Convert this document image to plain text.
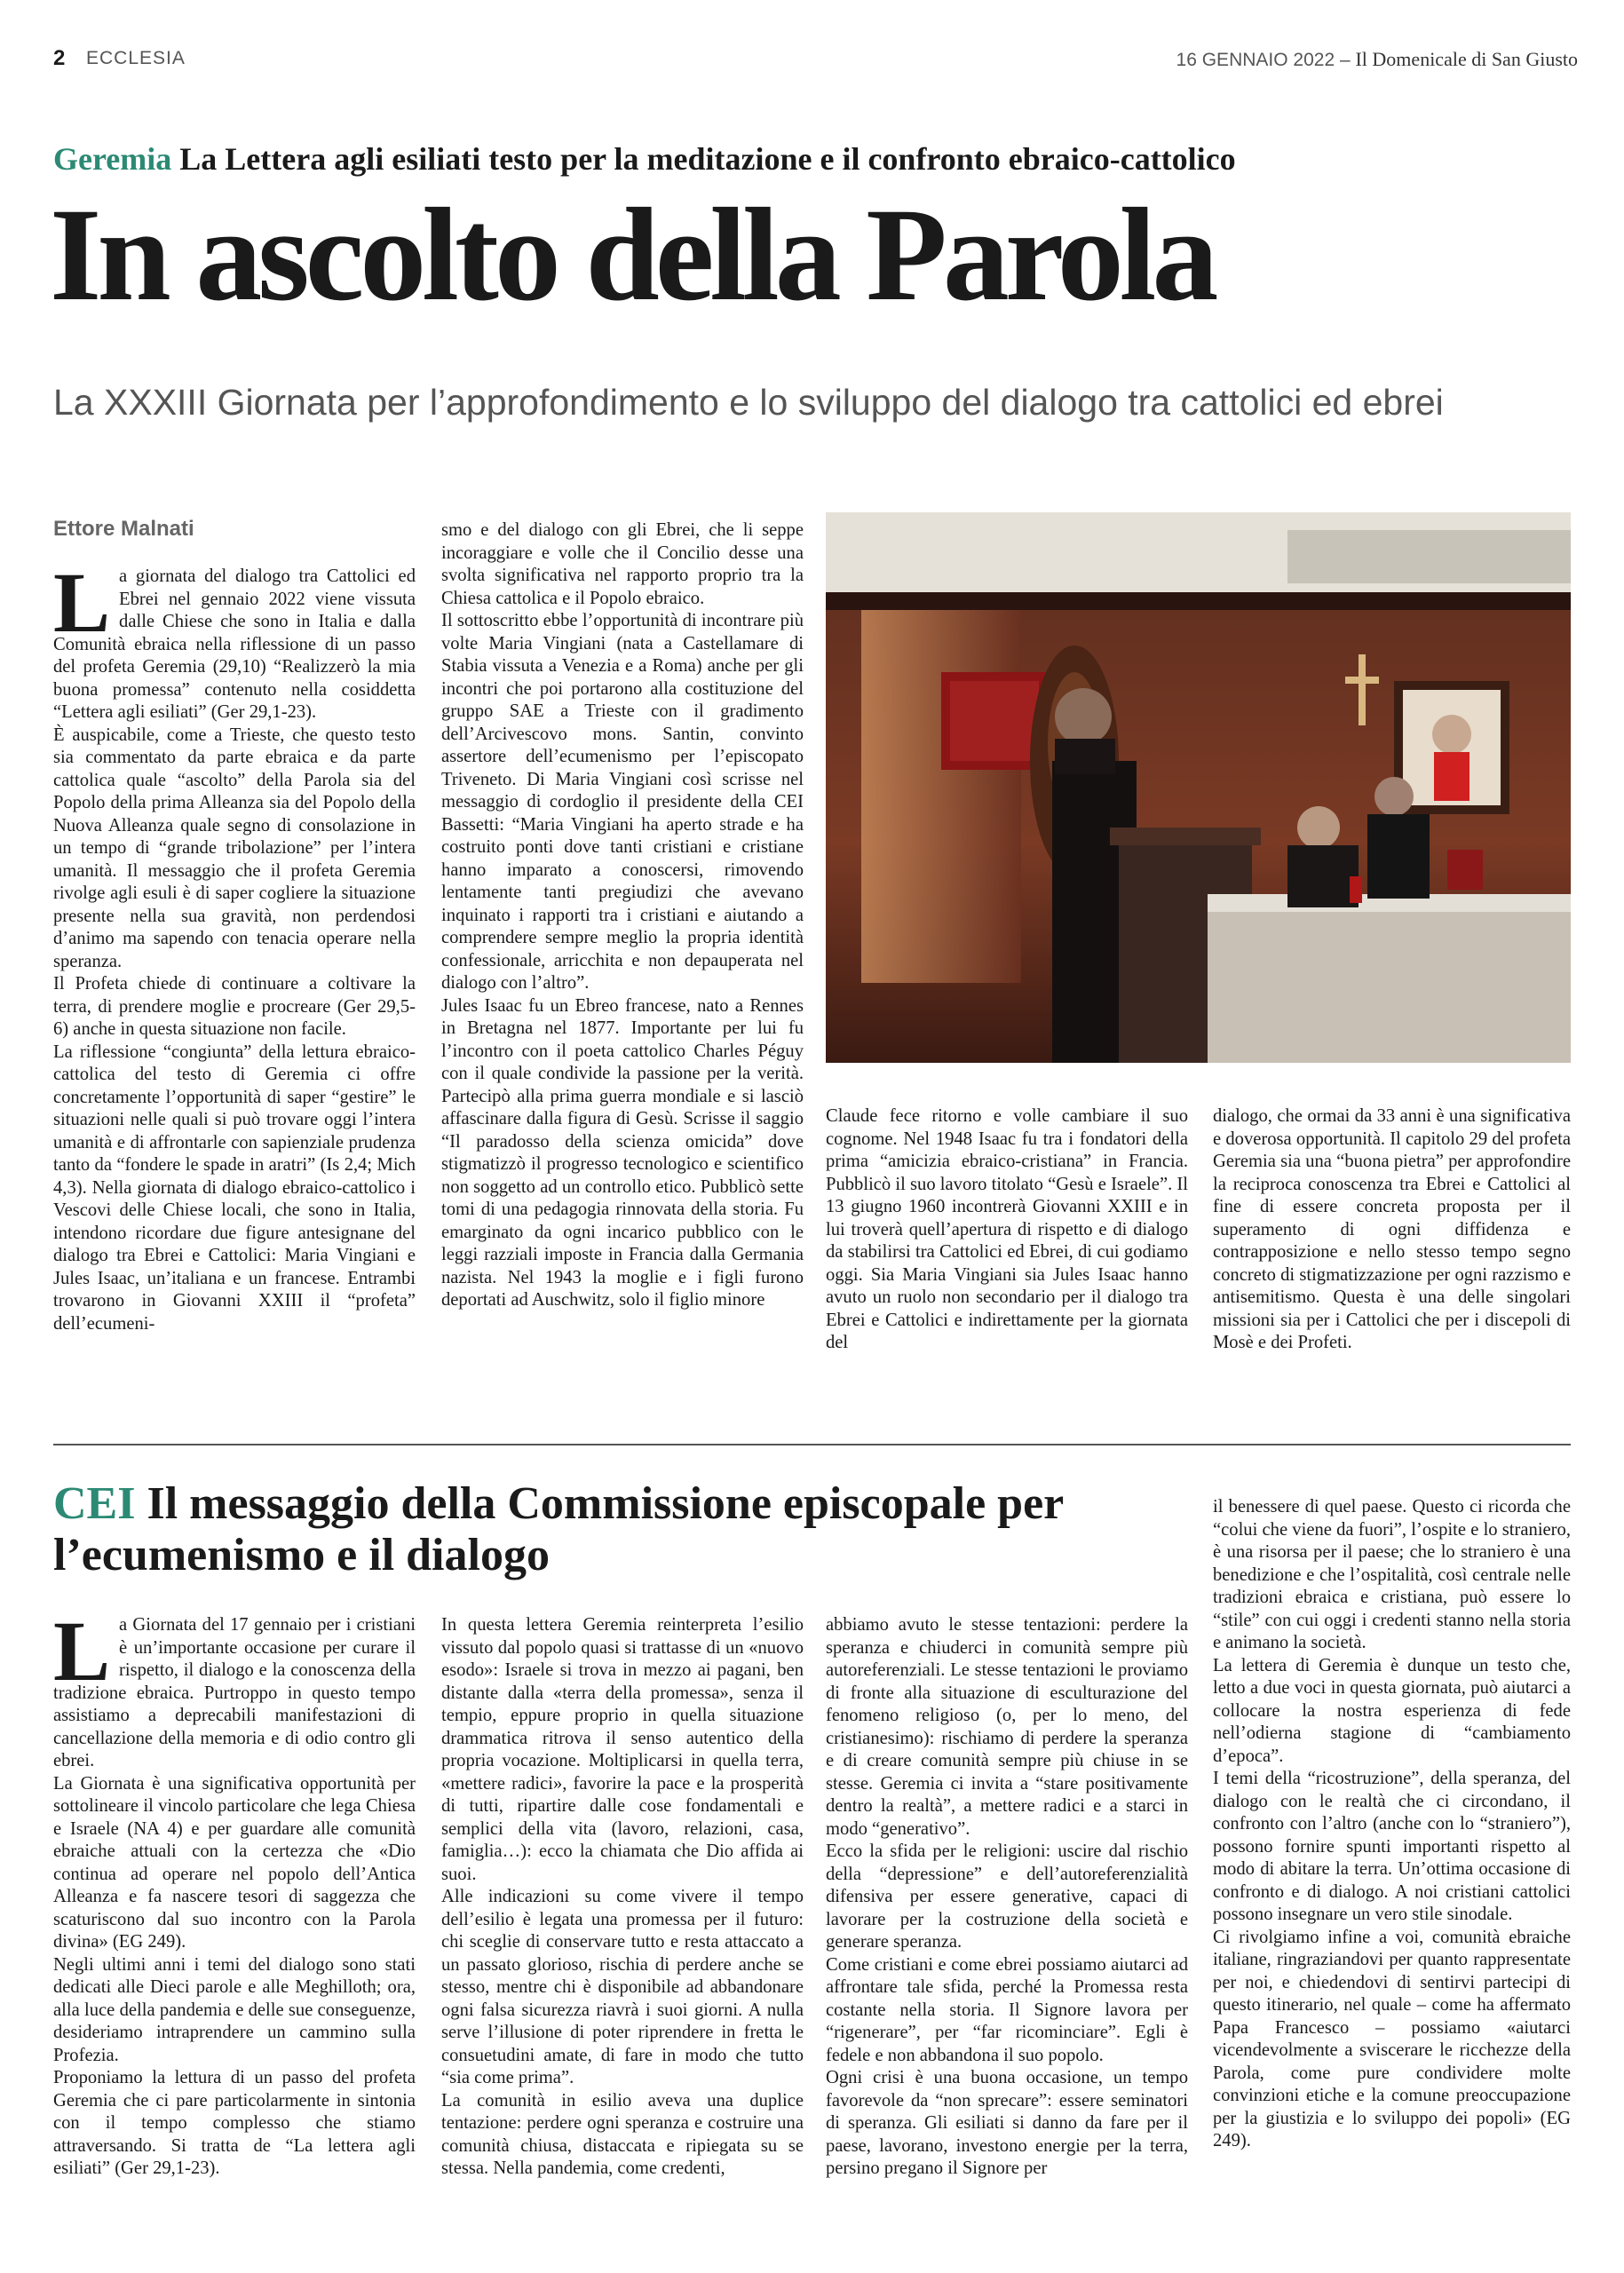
2 ECCLESIA	16 GENNAIO 2022 – Il Domenicale di San Giusto
Geremia La Lettera agli esiliati testo per la meditazione e il confronto ebraico-cattolico
In ascolto della Parola
La XXXIII Giornata per l’approfondimento e lo sviluppo del dialogo tra cattolici ed ebrei
Ettore Malnati

La giornata del dialogo tra Cattolici ed Ebrei nel gennaio 2022 viene vissuta dalle Chiese che sono in Italia e dalla Comunità ebraica nella riflessione di un passo del profeta Geremia (29,10) “Realizzerò la mia buona promessa” contenuto nella cosiddetta “Lettera agli esiliati” (Ger 29,1-23).

È auspicabile, come a Trieste, che questo testo sia commentato da parte ebraica e da parte cattolica quale “ascolto” della Parola sia del Popolo della prima Alleanza sia del Popolo della Nuova Alleanza quale segno di consolazione in un tempo di “grande tribolazione” per l’intera umanità. Il messaggio che il profeta Geremia rivolge agli esuli è di saper cogliere la situazione presente nella sua gravità, non perdendosi d’animo ma sapendo con tenacia operare nella speranza.

Il Profeta chiede di continuare a coltivare la terra, di prendere moglie e procreare (Ger 29,5-6) anche in questa situazione non facile.

La riflessione “congiunta” della lettura ebraico-cattolica del testo di Geremia ci offre concretamente l’opportunità di saper “gestire” le situazioni nelle quali si può trovare oggi l’intera umanità e di affrontarle con sapienziale prudenza tanto da “fondere le spade in aratri” (Is 2,4; Mich 4,3). Nella giornata di dialogo ebraico-cattolico i Vescovi delle Chiese locali, che sono in Italia, intendono ricordare due figure antesignane del dialogo tra Ebrei e Cattolici: Maria Vingiani e Jules Isaac, un’italiana e un francese. Entrambi trovarono in Giovanni XXIII il “profeta” dell’ecumeni-

smo e del dialogo con gli Ebrei, che li seppe incoraggiare e volle che il Concilio desse una svolta significativa nel rapporto proprio tra la Chiesa cattolica e il Popolo ebraico.

Il sottoscritto ebbe l’opportunità di incontrare più volte Maria Vingiani (nata a Castellamare di Stabia vissuta a Venezia e a Roma) anche per gli incontri che poi portarono alla costituzione del gruppo SAE a Trieste con il gradimento dell’Arcivescovo mons. Santin, convinto assertore dell’ecumenismo per l’episcopato Triveneto. Di Maria Vingiani così scrisse nel messaggio di cordoglio il presidente della CEI Bassetti: “Maria Vingiani ha aperto strade e ha costruito ponti dove tanti cristiani e cristiane hanno imparato a conoscersi, rimovendo lentamente tanti pregiudizi che avevano inquinato i rapporti tra i cristiani e aiutando a comprendere sempre meglio la propria identità confessionale, arricchita e non depauperata nel dialogo con l’altro”.

Jules Isaac fu un Ebreo francese, nato a Rennes in Bretagna nel 1877. Importante per lui fu l’incontro con il poeta cattolico Charles Péguy con il quale condivide la passione per la verità. Partecipò alla prima guerra mondiale e si lasciò affascinare dalla figura di Gesù. Scrisse il saggio “Il paradosso della scienza omicida” dove stigmatizzò il progresso tecnologico e scientifico non soggetto ad un controllo etico. Pubblicò sette tomi di una pedagogia rinnovata della storia. Fu emarginato da ogni incarico pubblico con le leggi razziali imposte in Francia dalla Germania nazista. Nel 1943 la moglie e i figli furono deportati ad Auschwitz, solo il figlio minore

Claude fece ritorno e volle cambiare il suo cognome. Nel 1948 Isaac fu tra i fondatori della prima “amicizia ebraico-cristiana” in Francia. Pubblicò il suo lavoro titolato “Gesù e Israele”. Il 13 giugno 1960 incontrerà Giovanni XXIII e in lui troverà quell’apertura di rispetto e di dialogo da stabilirsi tra Cattolici ed Ebrei, di cui godiamo oggi. Sia Maria Vingiani sia Jules Isaac hanno avuto un ruolo non secondario per il dialogo tra Ebrei e Cattolici e indirettamente per la giornata del

dialogo, che ormai da 33 anni è una significativa e doverosa opportunità. Il capitolo 29 del profeta Geremia sia una “buona pietra” per approfondire la reciproca conoscenza tra Ebrei e Cattolici al fine di essere concreta proposta per il superamento di ogni diffidenza e contrapposizione e nello stesso tempo segno concreto di stigmatizzazione per ogni razzismo e antisemitismo. Questa è una delle singolari missioni sia per i Cattolici che per i discepoli di Mosè e dei Profeti.

CEI Il messaggio della Commissione episcopale per l’ecumenismo e il dialogo

La Giornata del 17 gennaio per i cristiani è un’importante occasione per curare il rispetto, il dialogo e la conoscenza della tradizione ebraica. Purtroppo in questo tempo assistiamo a deprecabili manifestazioni di cancellazione della memoria e di odio contro gli ebrei.

La Giornata è una significativa opportunità per sottolineare il vincolo particolare che lega Chiesa e Israele (NA 4) e per guardare alle comunità ebraiche attuali con la certezza che «Dio continua ad operare nel popolo dell’Antica Alleanza e fa nascere tesori di saggezza che scaturiscono dal suo incontro con la Parola divina» (EG 249).

Negli ultimi anni i temi del dialogo sono stati dedicati alle Dieci parole e alle Meghilloth; ora, alla luce della pandemia e delle sue conseguenze, desideriamo intraprendere un cammino sulla Profezia.

Proponiamo la lettura di un passo del profeta Geremia che ci pare particolarmente in sintonia con il tempo complesso che stiamo attraversando. Si tratta de “La lettera agli esiliati” (Ger 29,1-23).

In questa lettera Geremia reinterpreta l’esilio vissuto dal popolo quasi si trattasse di un «nuovo esodo»: Israele si trova in mezzo ai pagani, ben distante dalla «terra della promessa», senza il tempio, eppure proprio in quella situazione drammatica ritrova il senso autentico della propria vocazione. Moltiplicarsi in quella terra, «mettere radici», favorire la pace e la prosperità di tutti, ripartire dalle cose fondamentali e semplici della vita (lavoro, relazioni, casa, famiglia…): ecco la chiamata che Dio affida ai suoi.

Alle indicazioni su come vivere il tempo dell’esilio è legata una promessa per il futuro: chi sceglie di conservare tutto e resta attaccato a un passato glorioso, rischia di perdere anche se stesso, mentre chi è disponibile ad abbandonare ogni falsa sicurezza riavrà i suoi giorni. A nulla serve l’illusione di poter riprendere in fretta le consuetudini amate, di fare in modo che tutto “sia come prima”.

La comunità in esilio aveva una duplice tentazione: perdere ogni speranza e costruire una comunità chiusa, distaccata e ripiegata su se stessa. Nella pandemia, come credenti,

abbiamo avuto le stesse tentazioni: perdere la speranza e chiuderci in comunità sempre più autoreferenziali. Le stesse tentazioni le proviamo di fronte alla situazione di esculturazione del fenomeno religioso (o, per lo meno, del cristianesimo): rischiamo di perdere la speranza e di creare comunità sempre più chiuse in se stesse. Geremia ci invita a “stare positivamente dentro la realtà”, a mettere radici e a starci in modo “generativo”.

Ecco la sfida per le religioni: uscire dal rischio della “depressione” e dell’autoreferenzialità difensiva per essere generative, capaci di lavorare per la costruzione della società e generare speranza.

Come cristiani e come ebrei possiamo aiutarci ad affrontare tale sfida, perché la Promessa resta costante nella storia. Il Signore lavora per “rigenerare”, per “far ricominciare”. Egli è fedele e non abbandona il suo popolo.

Ogni crisi è una buona occasione, un tempo favorevole da “non sprecare”: essere seminatori di speranza. Gli esiliati si danno da fare per il paese, lavorano, investono energie per la terra, persino pregano il Signore per

il benessere di quel paese. Questo ci ricorda che “colui che viene da fuori”, l’ospite e lo straniero, è una risorsa per il paese; che lo straniero è una benedizione e che l’ospitalità, così centrale nelle tradizioni ebraica e cristiana, può essere lo “stile” con cui oggi i credenti stanno nella storia e animano la società.

La lettera di Geremia è dunque un testo che, letto a due voci in questa giornata, può aiutarci a collocare la nostra esperienza di fede nell’odierna stagione di “cambiamento d’epoca”.

I temi della “ricostruzione”, della speranza, del dialogo con le realtà che ci circondano, il confronto con l’altro (anche con lo “straniero”), possono fornire spunti importanti rispetto al modo di abitare la terra. Un’ottima occasione di confronto e di dialogo. A noi cristiani cattolici possono insegnare un vero stile sinodale.

Ci rivolgiamo infine a voi, comunità ebraiche italiane, ringraziandovi per quanto rappresentate per noi, e chiedendovi di sentirvi partecipi di questo itinerario, nel quale – come ha affermato Papa Francesco – possiamo «aiutarci vicendevolmente a sviscerare le ricchezze della Parola, come pure condividere molte convinzioni etiche e la comune preoccupazione per la giustizia e lo sviluppo dei popoli» (EG 249).
